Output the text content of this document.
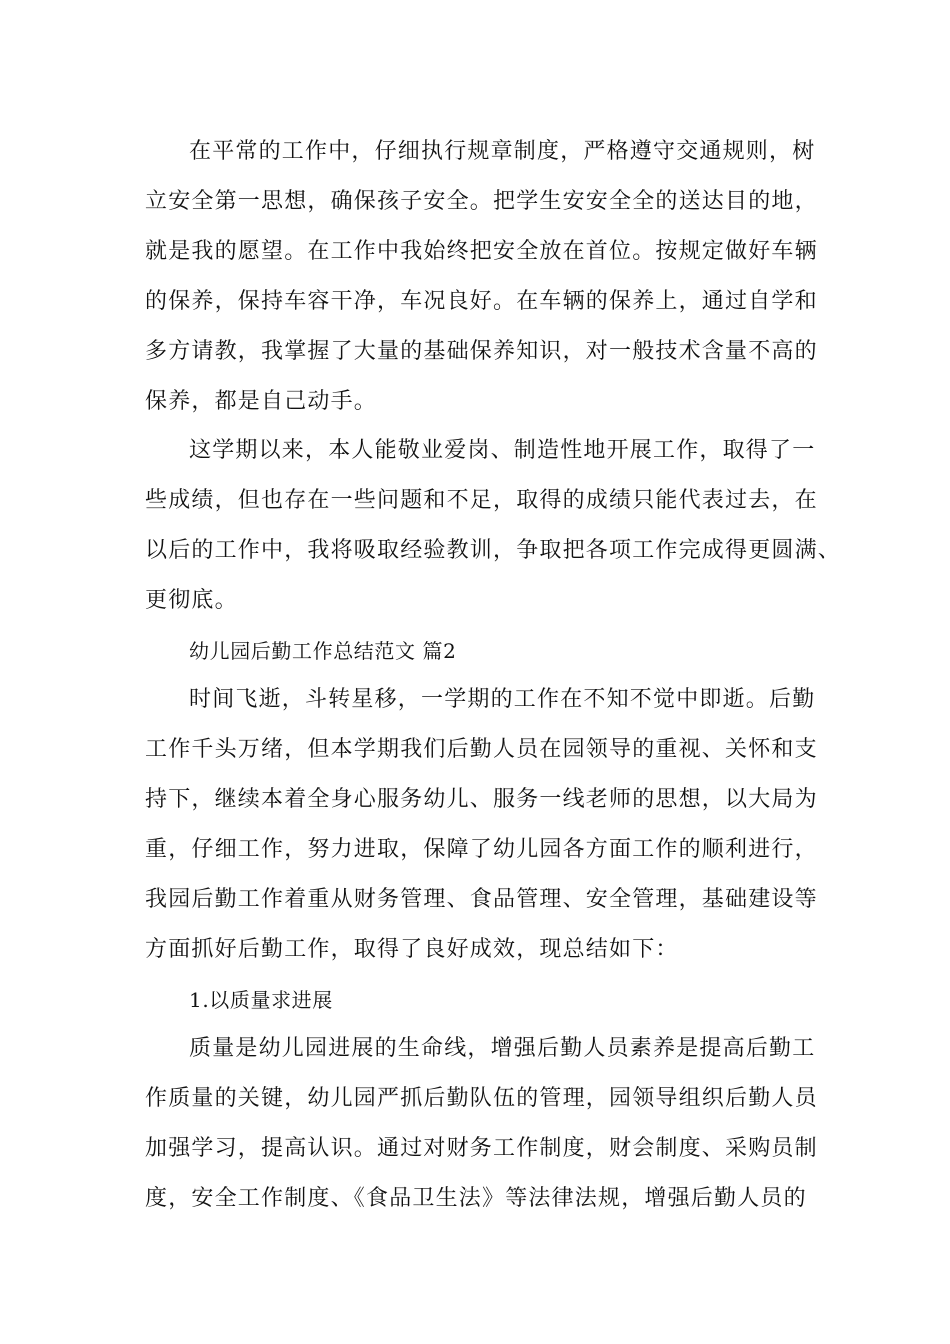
在平常的工作中，仔细执行规章制度，严格遵守交通规则，树
立安全第一思想，确保孩子安全。把学生安安全全的送达目的地，
就是我的愿望。在工作中我始终把安全放在首位。按规定做好车辆
的保养，保持车容干净，车况良好。在车辆的保养上，通过自学和
多方请教，我掌握了大量的基础保养知识，对一般技术含量不高的
保养，都是自己动手。
这学期以来，本人能敬业爱岗、制造性地开展工作，取得了一
些成绩，但也存在一些问题和不足，取得的成绩只能代表过去，在
以后的工作中，我将吸取经验教训，争取把各项工作完成得更圆满、
更彻底。
幼儿园后勤工作总结范文 篇2
时间飞逝，斗转星移，一学期的工作在不知不觉中即逝。后勤
工作千头万绪，但本学期我们后勤人员在园领导的重视、关怀和支
持下，继续本着全身心服务幼儿、服务一线老师的思想，以大局为
重，仔细工作，努力进取，保障了幼儿园各方面工作的顺利进行，
我园后勤工作着重从财务管理、食品管理、安全管理，基础建设等
方面抓好后勤工作，取得了良好成效，现总结如下：
1.以质量求进展
质量是幼儿园进展的生命线，增强后勤人员素养是提高后勤工
作质量的关键，幼儿园严抓后勤队伍的管理，园领导组织后勤人员
加强学习，提高认识。通过对财务工作制度，财会制度、采购员制
度，安全工作制度、《食品卫生法》等法律法规，增强后勤人员的
